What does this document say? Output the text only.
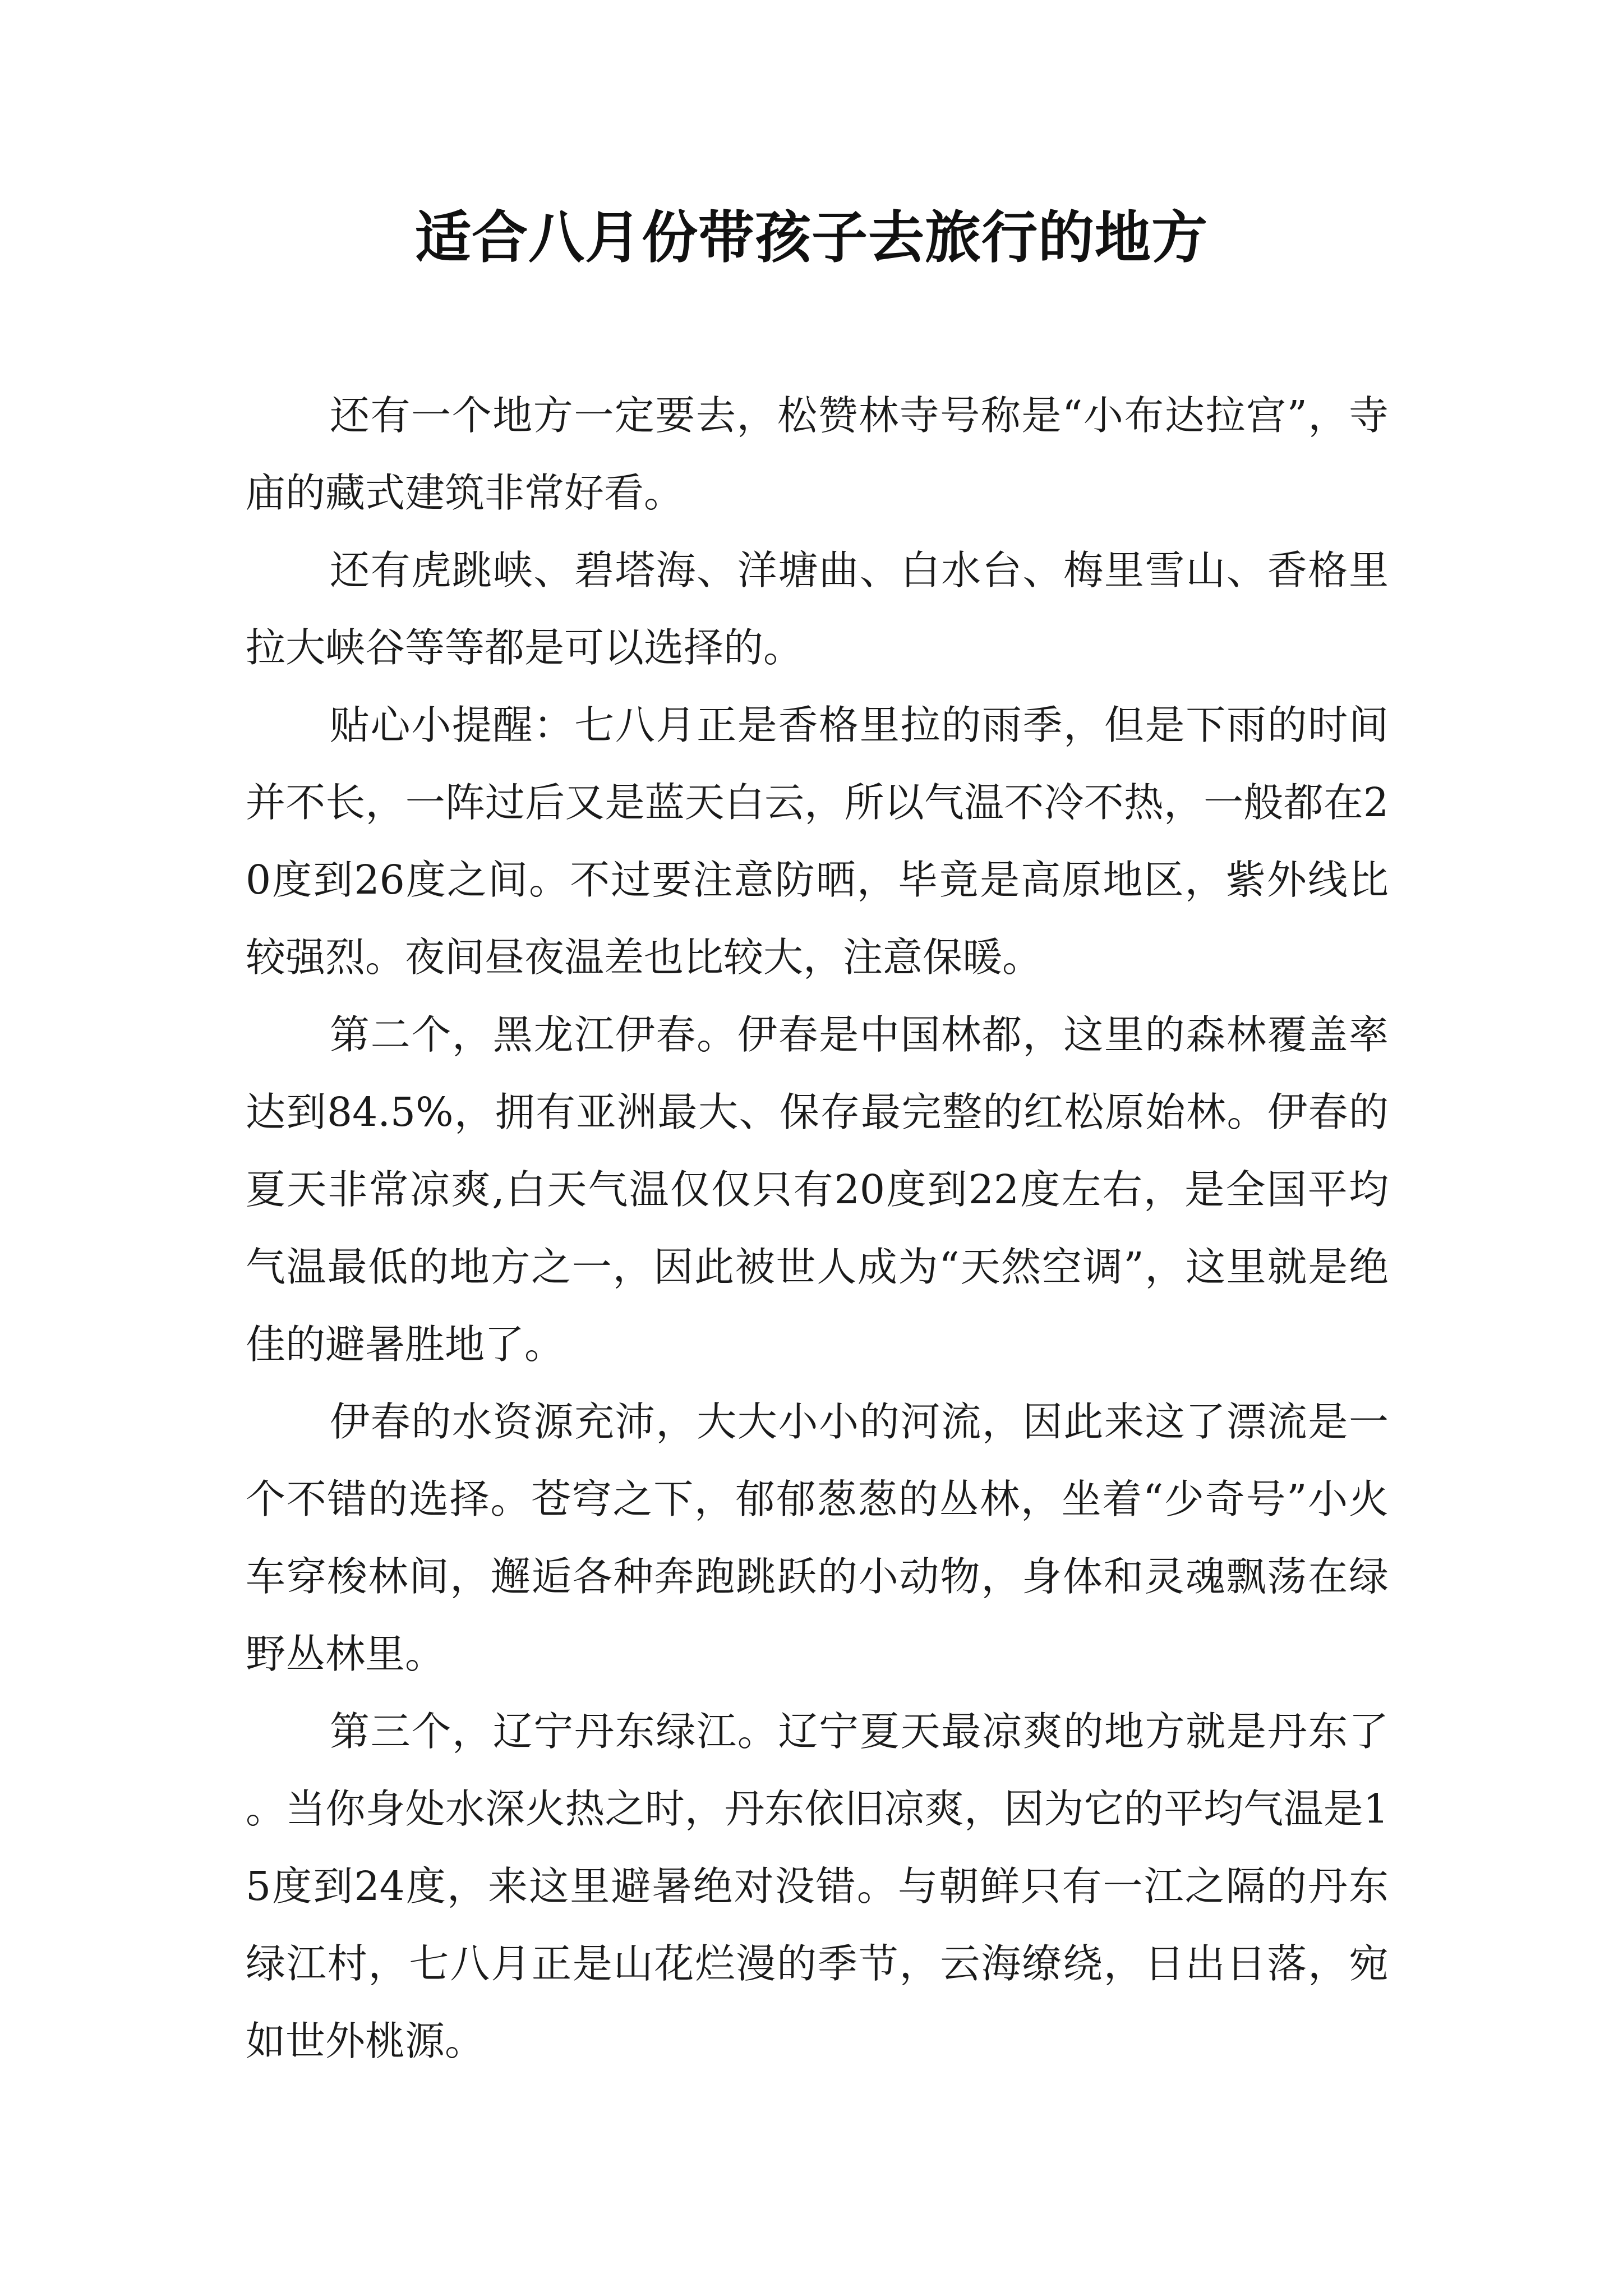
适合八月份带孩子去旅行的地方

还有一个地方一定要去，松赞林寺号称是“小布达拉宫”，寺庙的藏式建筑非常好看。

还有虎跳峡、碧塔海、洋塘曲、白水台、梅里雪山、香格里拉大峡谷等等都是可以选择的。

贴心小提醒：七八月正是香格里拉的雨季，但是下雨的时间并不长，一阵过后又是蓝天白云，所以气温不冷不热，一般都在20度到26度之间。不过要注意防晒，毕竟是高原地区，紫外线比较强烈。夜间昼夜温差也比较大，注意保暖。

第二个，黑龙江伊春。伊春是中国林都，这里的森林覆盖率达到84.5%，拥有亚洲最大、保存最完整的红松原始林。伊春的夏天非常凉爽,白天气温仅仅只有20度到22度左右，是全国平均气温最低的地方之一，因此被世人成为“天然空调”，这里就是绝佳的避暑胜地了。

伊春的水资源充沛，大大小小的河流，因此来这了漂流是一个不错的选择。苍穹之下，郁郁葱葱的丛林，坐着“少奇号”小火车穿梭林间，邂逅各种奔跑跳跃的小动物，身体和灵魂飘荡在绿野丛林里。

第三个，辽宁丹东绿江。辽宁夏天最凉爽的地方就是丹东了。当你身处水深火热之时，丹东依旧凉爽，因为它的平均气温是15度到24度，来这里避暑绝对没错。与朝鲜只有一江之隔的丹东绿江村，七八月正是山花烂漫的季节，云海缭绕，日出日落，宛如世外桃源。
